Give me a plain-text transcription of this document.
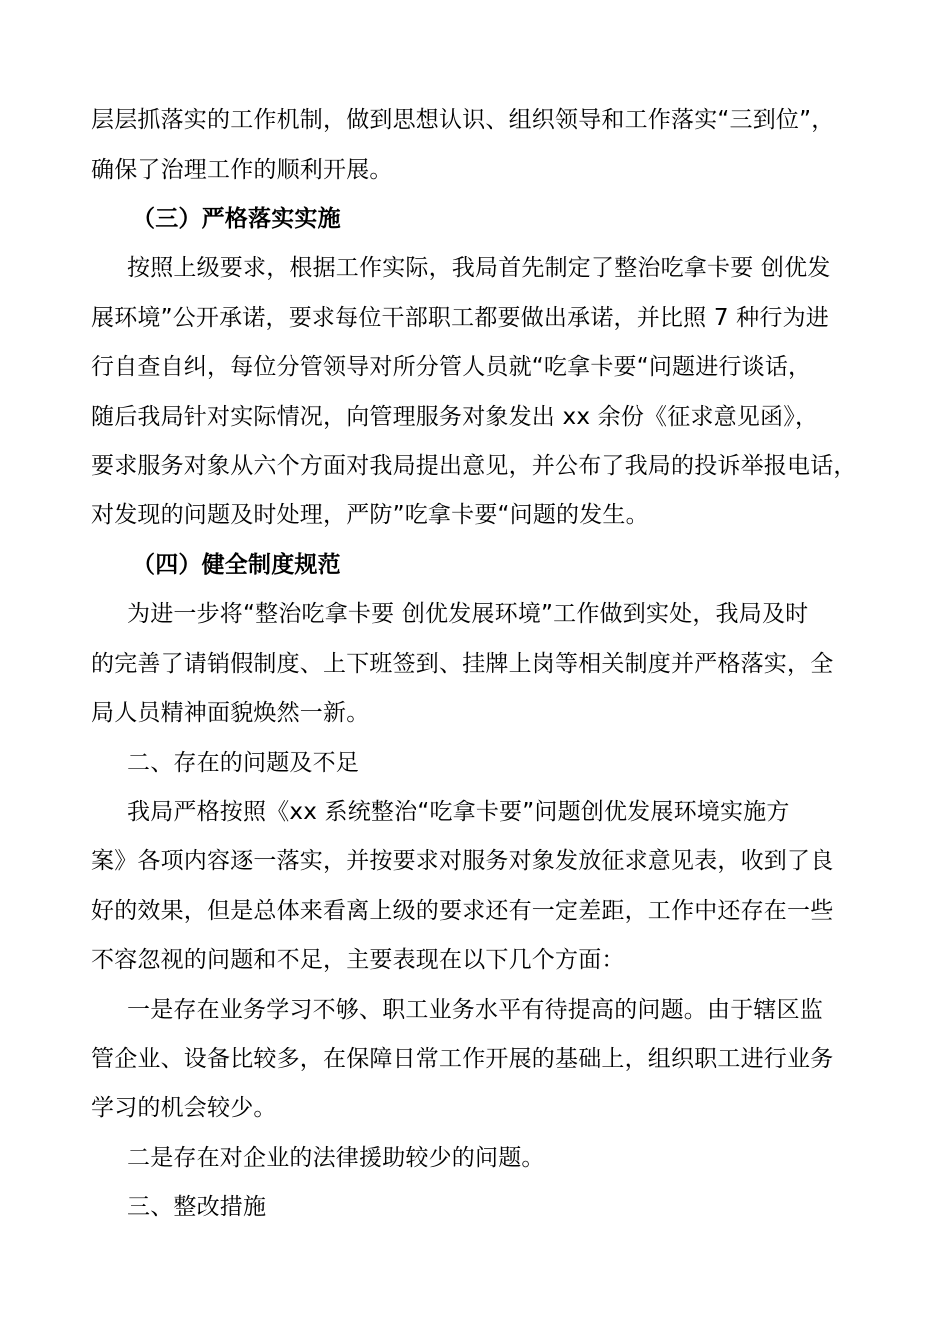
层层抓落实的工作机制，做到思想认识、组织领导和工作落实“三到位”，
确保了治理工作的顺利开展。
（三）严格落实实施
按照上级要求，根据工作实际，我局首先制定了整治吃拿卡要 创优发
展环境”公开承诺，要求每位干部职工都要做出承诺，并比照 7 种行为进
行自查自纠，每位分管领导对所分管人员就“吃拿卡要“问题进行谈话，
随后我局针对实际情况，向管理服务对象发出 xx 余份《征求意见函》，
要求服务对象从六个方面对我局提出意见，并公布了我局的投诉举报电话，
对发现的问题及时处理，严防”吃拿卡要“问题的发生。
（四）健全制度规范
为进一步将“整治吃拿卡要 创优发展环境”工作做到实处，我局及时
的完善了请销假制度、上下班签到、挂牌上岗等相关制度并严格落实，全
局人员精神面貌焕然一新。
二、存在的问题及不足
我局严格按照《xx 系统整治“吃拿卡要”问题创优发展环境实施方
案》各项内容逐一落实，并按要求对服务对象发放征求意见表，收到了良
好的效果，但是总体来看离上级的要求还有一定差距，工作中还存在一些
不容忽视的问题和不足，主要表现在以下几个方面：
一是存在业务学习不够、职工业务水平有待提高的问题。由于辖区监
管企业、设备比较多，在保障日常工作开展的基础上，组织职工进行业务
学习的机会较少。
二是存在对企业的法律援助较少的问题。
三、整改措施
